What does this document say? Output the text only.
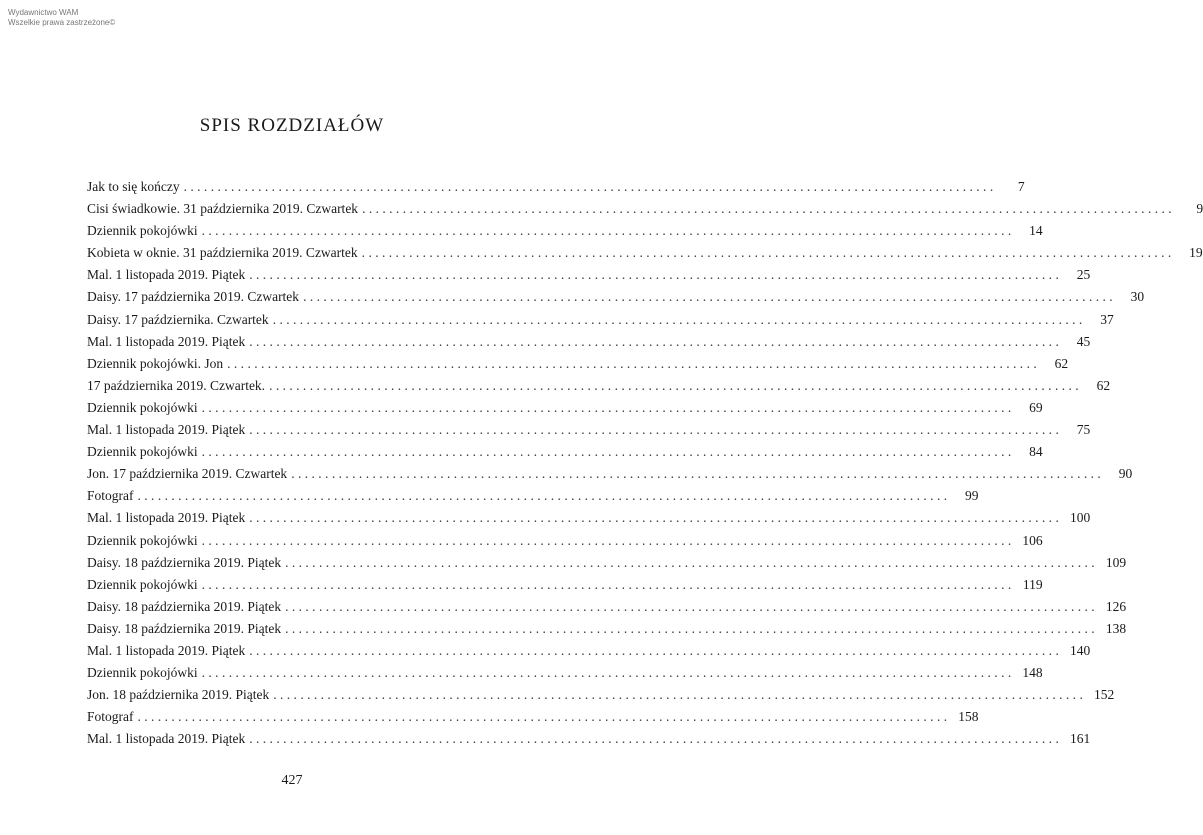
Wydawnictwo WAM
Wszelkie prawa zastrzeżone©
SPIS ROZDZIAŁÓW
Jak to się kończy ........................................................................................................................	7
Cisi świadkowie. 31 października 2019. Czwartek ........................................................................................................................	9
Dziennik pokojówki ........................................................................................................................	14
Kobieta w oknie. 31 października 2019. Czwartek ........................................................................................................................	19
Mal. 1 listopada 2019. Piątek ........................................................................................................................	25
Daisy. 17 października 2019. Czwartek ........................................................................................................................	30
Daisy. 17 października. Czwartek ........................................................................................................................	37
Mal. 1 listopada 2019. Piątek ........................................................................................................................	45
Dziennik pokojówki. Jon ........................................................................................................................	62
17 października 2019. Czwartek. ........................................................................................................................	62
Dziennik pokojówki ........................................................................................................................	69
Mal. 1 listopada 2019. Piątek ........................................................................................................................	75
Dziennik pokojówki ........................................................................................................................	84
Jon. 17 października 2019. Czwartek ........................................................................................................................	90
Fotograf ........................................................................................................................	99
Mal. 1 listopada 2019. Piątek ........................................................................................................................ 100
Dziennik pokojówki ........................................................................................................................ 106
Daisy. 18 października 2019. Piątek ........................................................................................................................ 109
Dziennik pokojówki ........................................................................................................................ 119
Daisy. 18 października 2019. Piątek ........................................................................................................................ 126
Daisy. 18 października 2019. Piątek ........................................................................................................................ 138
Mal. 1 listopada 2019. Piątek ........................................................................................................................ 140
Dziennik pokojówki ........................................................................................................................ 148
Jon. 18 października 2019. Piątek ........................................................................................................................ 152
Fotograf ........................................................................................................................ 158
Mal. 1 listopada 2019. Piątek ........................................................................................................................ 161
427
